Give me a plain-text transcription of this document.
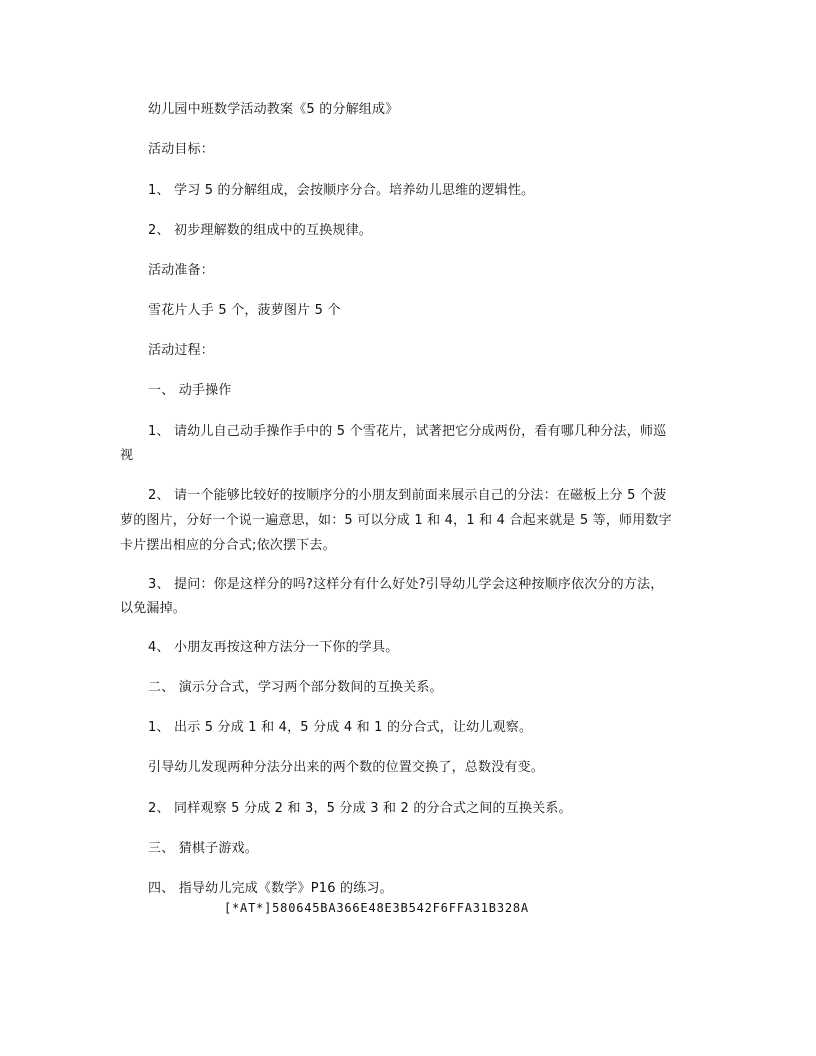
幼儿园中班数学活动教案《5 的分解组成》
活动目标：
1、 学习 5 的分解组成，会按顺序分合。培养幼儿思维的逻辑性。
2、 初步理解数的组成中的互换规律。
活动准备：
雪花片人手 5 个，菠萝图片 5 个
活动过程：
一、 动手操作
1、 请幼儿自己动手操作手中的 5 个雪花片，试著把它分成两份，看有哪几种分法，师巡
视
2、 请一个能够比较好的按顺序分的小朋友到前面来展示自己的分法：在磁板上分 5 个菠
萝的图片，分好一个说一遍意思，如：5 可以分成 1 和 4，1 和 4 合起来就是 5 等，师用数字
卡片摆出相应的分合式;依次摆下去。
3、 提问：你是这样分的吗?这样分有什么好处?引导幼儿学会这种按顺序依次分的方法，
以免漏掉。
4、 小朋友再按这种方法分一下你的学具。
二、 演示分合式，学习两个部分数间的互换关系。
1、 出示 5 分成 1 和 4，5 分成 4 和 1 的分合式，让幼儿观察。
引导幼儿发现两种分法分出来的两个数的位置交换了，总数没有变。
2、 同样观察 5 分成 2 和 3，5 分成 3 和 2 的分合式之间的互换关系。
三、 猜棋子游戏。
四、 指导幼儿完成《数学》P16 的练习。
[*AT*]580645BA366E48E3B542F6FFA31B328A
